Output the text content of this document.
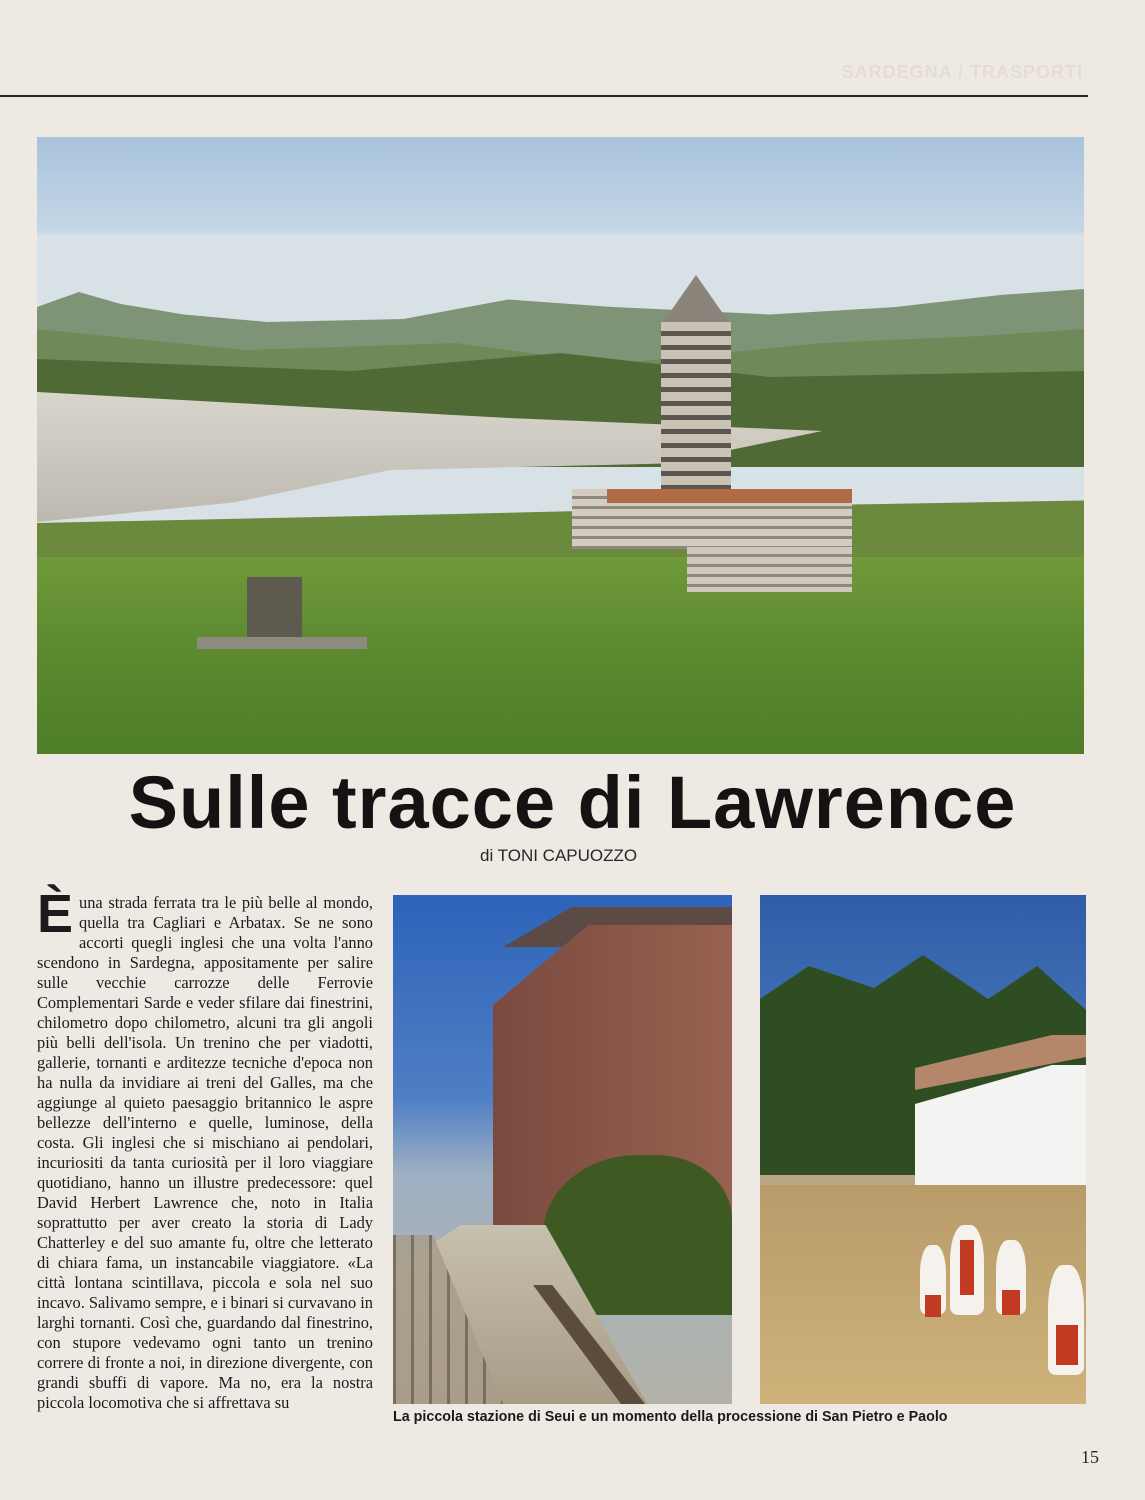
SARDEGNA / TRASPORTI
Sulle tracce di Lawrence
di TONI CAPUOZZO

Èuna strada ferrata tra le più belle al mondo, quella tra Cagliari e Arbatax. Se ne sono accorti quegli inglesi che una volta l'anno scendono in Sardegna, appositamente per salire sulle vecchie carrozze delle Ferrovie Complementari Sarde e veder sfilare dai finestrini, chilometro dopo chilometro, alcuni tra gli angoli più belli dell'isola. Un trenino che per viadotti, gallerie, tornanti e arditezze tecniche d'epoca non ha nulla da invidiare ai treni del Galles, ma che aggiunge al quieto paesaggio britannico le aspre bellezze dell'interno e quelle, luminose, della costa. Gli inglesi che si mischiano ai pendolari, incuriositi da tanta curiosità per il loro viaggiare quotidiano, hanno un illustre predecessore: quel David Herbert Lawrence che, noto in Italia soprattutto per aver creato la storia di Lady Chatterley e del suo amante fu, oltre che letterato di chiara fama, un instancabile viaggiatore. «La città lontana scintillava, piccola e sola nel suo incavo. Salivamo sempre, e i binari si curvavano in larghi tornanti. Così che, guardando dal finestrino, con stupore vedevamo ogni tanto un trenino correre di fronte a noi, in direzione divergente, con grandi sbuffi di vapore. Ma no, era la nostra piccola locomotiva che si affrettava su

La piccola stazione di Seui e un momento della processione di San Pietro e Paolo
15
